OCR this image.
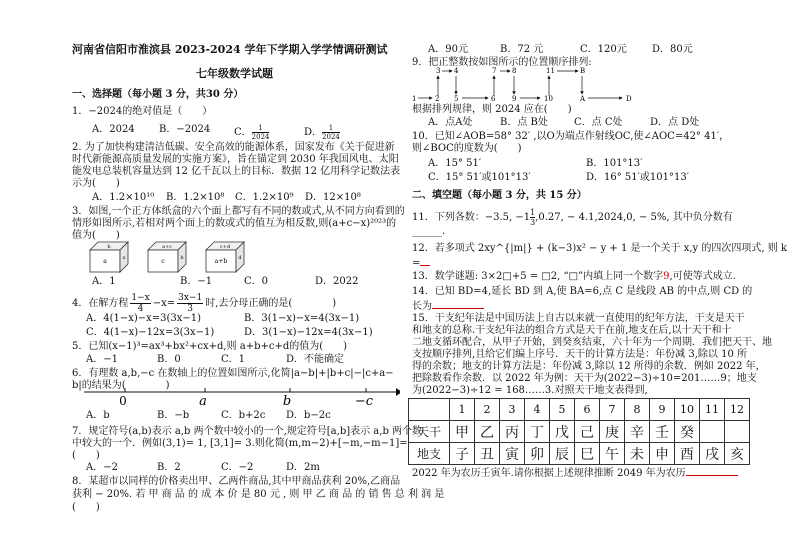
河南省信阳市淮滨县 2023-2024 学年下学期入学学情调研测试
七年级数学试题
一、选择题（每小题 3 分，共30 分）
1．−2024的绝对值是（　　）
A．2024 B．−2024 C． $\frac{1}{2024}$	D． $\frac{1}{2024}$
2. 为了加快构建清洁低碳、安全高效的能源体系，国家发布《关于促进新
时代新能源高质量发展的实施方案》，旨在锚定到 2030 年我国风电、太阳
能发电总装机容量达到 12 亿千瓦以上的目标．数据 12 亿用科学记数法表
示为(　　)
A．1.2×10¹⁰ B．1.2×10⁸ C．1.2×10⁹ D．12×10⁸
3．如图,一个正方体纸盒的六个面上都写有不同的数或式,从不同方向看到的
情形如图所示,若相对两个面上的数或式的值互为相反数,则(a+c−x)²⁰²³的
值为(　　)
b
a	x
a+c
c	b
c+d
a+b d
A．1	B．−1	C．0	D．2022
4．在解方程 $\frac{1-x}{4} -x= \frac{3x-1}{3}$ 时,去分母正确的是(　　　　)
A．4(1−x)−x=3(3x−1)	B．3(1−x)−x=4(3x−1)
C．4(1−x)−12x=3(3x−1)	D．3(1−x)−12x=4(3x−1)
5．已知(x−1)³=ax³+bx²+cx+d,则 a+b+c+d的值为(　　)
A．−1	B．0	C．1	D．不能确定
6．有理数 a,b,−c 在数轴上的位置如图所示,化简|a−b|+|b+c|−|c+a−
b|的结果为(　　　　)
0	a	b	−c
A．b	B．−b	C．b+2c D．b−2c
7．规定符号(a,b)表示 a,b 两个数中较小的一个,规定符号[a,b]表示 a,b 两个数
中较大的一个．例如(3,1)= 1, [3,1]= 3.则化简(m,m−2)+[−m,−m−1]=
(　　)
A．−2	B．2	C．−2	D．2m
8．某超市以同样的价格卖出甲、乙两件商品,其中甲商品获利 20%,乙商品
获利 − 20%. 若 甲 商 品 的 成 本 价 是 80 元 , 则 甲 乙 商 品 的 销 售 总 利 润 是
(　　)
A．90元	B．72 元	C．120元	D．80元
9．把正整数按如图所示的位置顺序排列:
3 4	7 8	11	B
1	2 5	6 9	10	A	D
根据排列规律，则 2024 应在(　　)
A．点A处	B．点 B处	C．点 C处	D．点 D处
10．已知∠AOB=58° 32′ ,以O为端点作射线OC,使∠AOC=42° 41′，
则∠BOC的度数为(　　)
A．15° 51′	B．101°13′
C．15° 51′或101°13′	D．16° 51′或101°13′
二、填空题（每小题 3 分，共 15 分）
11．下列各数：−3.5, $-1 \frac{1}{3} ,0.27$, − 4.1,2024,0, − 5%, 其中负分数有
______.
12．若多项式 2xy^{|m|} + (k−3)x² − y + 1 是一个关于 x,y 的四次四项式, 则 k
=
13．数学谜题: 3×2□+5 = □2, “□”内填上同一个数字9,可使等式成立.
14．已知 BD=4,延长 BD 到 A,使 BA=6,点 C 是线段 AB 的中点,则 CD 的
长为
15．干支纪年法是中国历法上自古以来就一直使用的纪年方法，干支是天干
和地支的总称.干支纪年法的组合方式是天干在前,地支在后,以十天干和十
二地支循环配合，从甲子开始，到癸亥结束，六十年为一个周期．我们把天干、地
支按顺序排列,且给它们编上序号．天干的计算方法是：年份减 3,除以 10 所
得的余数；地支的计算方法是：年份减 3,除以 12 所得的余数．例如 2022 年，
把除数看作余数．以 2022 年为例：天干为(2022−3)÷10=201……9；地支
为(2022−3)÷12 = 168……3.对照天干地支表得到,
	1	2	3	4	5	6	7	8	9	10	11	12
天干	甲	乙	丙	丁	戊	己	庚	辛	壬	癸		
地支	子	丑	寅	卯	辰	巳	午	未	申	酉	戌	亥
2022 年为农历壬寅年.请你根据上述规律推断 2049 年为农历
